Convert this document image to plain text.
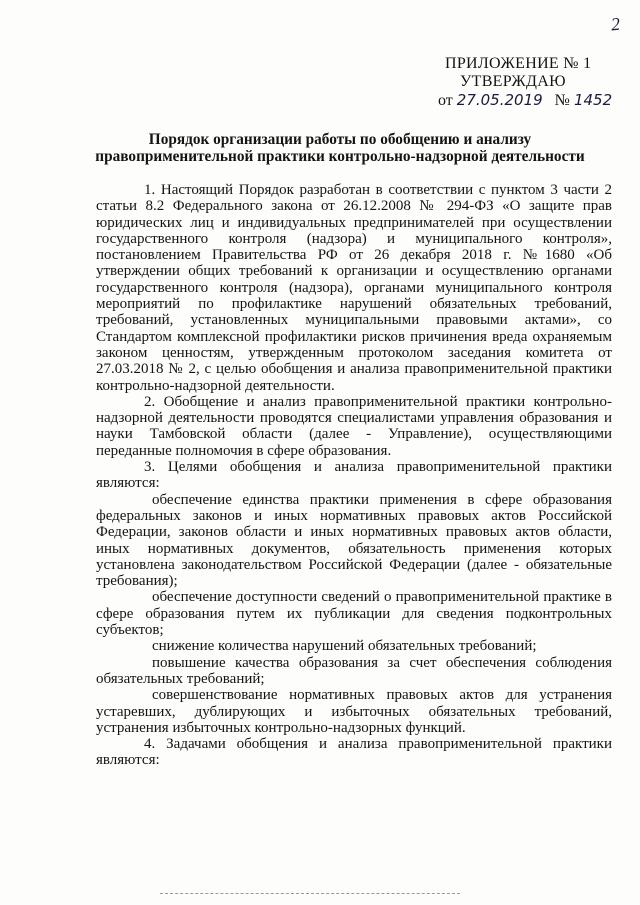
2
ПРИЛОЖЕНИЕ № 1
УТВЕРЖДАЮ
от 27.05.2019 № 1452
Порядок организации работы по обобщению и анализу правоприменительной практики контрольно-надзорной деятельности

1. Настоящий Порядок разработан в соответствии с пунктом 3 части 2 статьи 8.2 Федерального закона от 26.12.2008 № 294-ФЗ «О защите прав юридических лиц и индивидуальных предпринимателей при осуществлении государственного контроля (надзора) и муниципального контроля», постановлением Правительства РФ от 26 декабря 2018 г. №1680 «Об утверждении общих требований к организации и осуществлению органами государственного контроля (надзора), органами муниципального контроля мероприятий по профилактике нарушений обязательных требований, требований, установленных муниципальными правовыми актами», со Стандартом комплексной профилактики рисков причинения вреда охраняемым законом ценностям, утвержденным протоколом заседания комитета от 27.03.2018 № 2, с целью обобщения и анализа правоприменительной практики контрольно-надзорной деятельности.

2. Обобщение и анализ правоприменительной практики контрольно-надзорной деятельности проводятся специалистами управления образования и науки Тамбовской области (далее - Управление), осуществляющими переданные полномочия в сфере образования.

3. Целями обобщения и анализа правоприменительной практики являются:

обеспечение единства практики применения в сфере образования федеральных законов и иных нормативных правовых актов Российской Федерации, законов области и иных нормативных правовых актов области, иных нормативных документов, обязательность применения которых установлена законодательством Российской Федерации (далее - обязательные требования);

обеспечение доступности сведений о правоприменительной практике в сфере образования путем их публикации для сведения подконтрольных субъектов;

снижение количества нарушений обязательных требований;

повышение качества образования за счет обеспечения соблюдения обязательных требований;

совершенствование нормативных правовых актов для устранения устаревших, дублирующих и избыточных обязательных требований, устранения избыточных контрольно-надзорных функций.

4. Задачами обобщения и анализа правоприменительной практики являются:
